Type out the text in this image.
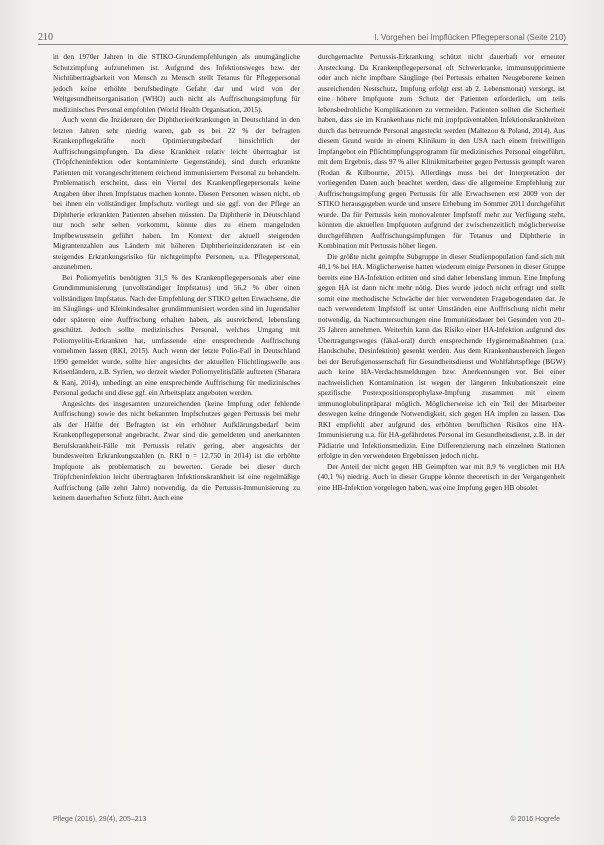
210	I. Vorgehen bei Impflücken Pflegepersonal (Seite 210)

in den 1970er Jahren in die STIKO-Grundempfehlungen als unumgängliche Schutzimpfung aufzunehmen ist. Aufgrund des Infektionsweges bzw. der Nichtübertragbarkeit von Mensch zu Mensch stellt Tetanus für Pflegepersonal jedoch keine erhöhte berufsbedingte Gefahr dar und wird von der Weltgesundheitsorganisation (WHO) auch nicht als Auffrischungsimpfung für medizinisches Personal empfohlen (World Health Organisation, 2015).

Auch wenn die Inzidenzen der Diphtherieerkrankungen in Deutschland in den letzten Jahren sehr niedrig waren, gab es bei 22 % der befragten Krankenpflegekräfte noch Optimierungsbedarf hinsichtlich der Auffrischungsimpfungen. Da diese Krankheit relativ leicht übertragbar ist (Tröpfcheninfektion oder kontaminierte Gegenstände), sind durch erkrankte Patienten mit vorangeschrittenem reichend immunisiertem Personal zu behandeln. Problematisch erscheint, dass ein Viertel des Krankenpflegepersonals keine Angaben über ihren Impfstatus machen konnte. Diesen Personen wissen nicht, ob bei ihnen ein vollständiger Impfschutz vorliegt und sie ggf. von der Pflege an Diphtherie erkrankten Patienten absehen müssten. Da Diphtherie in Deutschland nur noch sehr selten vorkommt, könnte dies zu einem mangelnden Impfbewusstsein geführt haben. Im Kontext der aktuell steigenden Migrantenzahlen aus Ländern mit höheren Diphtherieinzidenzraten ist ein steigendes Erkrankungsrisiko für nichtgeimpfte Personen, u.a. Pflegepersonal, anzunehmen.

Bei Poliomyelitis benötigten 31,5 % des Krankenpflegepersonals aber eine Grundimmunisierung (unvollständiger Impfstatus) und 56,2 % über einen vollständigen Impfstatus. Nach der Empfehlung der STIKO gelten Erwachsene, die im Säuglings- und Kleinkindesalter grundimmunisiert worden sind im Jugendalter oder späteren eine Auffrischung erhalten haben, als ausreichend, lebenslang geschützt. Jedoch sollte medizinisches Personal, welches Umgang mit Poliomyelitis-Erkrankten hat, umfassende eine entsprechende Auffrischung vornehmen lassen (RKI, 2015). Auch wenn der letzte Polio-Fall in Deutschland 1990 gemeldet wurde, sollte hier angesichts der aktuellen Flüchtlingswelle aus Krisenländern, z.B. Syrien, wo derzeit wieder Poliomyelitisfälle auftreten (Sharara & Kanj, 2014), unbedingt an eine entsprechende Auffrischung für medizinisches Personal gedacht und diese ggf. ein Arbeitsplatz angeboten werden.

Angesichts des insgesamten unzureichenden (keine Impfung oder fehlende Auffrischung) sowie des nicht bekannten Impfschutzes gegen Pertussis bei mehr als der Hälfte der Befragten ist ein erhöhter Aufklärungsbedarf beim Krankenpflegepersonal angebracht. Zwar sind die gemeldeten und anerkannten Berufskrankheit-Fälle mit Pertussis relativ gering, aber angesichts der bundesweiten Erkrankungszahlen (n. RKI n = 12.750 in 2014) ist die erhöhte Impfquote als problematisch zu bewerten. Gerade bei dieser durch Tröpfcheninfektion leicht übertragbaren Infektionskrankheit ist eine regelmäßige Auffrischung (alle zehn Jahre) notwendig, da die Pertussis-Immunisierung zu keinem dauerhaften Schutz führt. Auch eine

durchgemachte Pertussis-Erkrankung schützt nicht dauerhaft vor erneuter Ansteckung. Da Krankenpflegepersonal oft Schwerkranke, immunsupprimierte oder auch nicht impfbare Säuglinge (bei Pertussis erhalten Neugeborene keinen ausreichenden Nestschutz, Impfung erfolgt erst ab 2. Lebensmonat) versorgt, ist eine höhere Impfquote zum Schutz der Patienten erforderlich, um teils lebensbedrohliche Komplikationen zu vermeiden. Patienten sollten die Sicherheit haben, dass sie im Krankenhaus nicht mit impfpräventablen Infektionskrankheiten durch das betreuende Personal angesteckt werden (Maltezou & Poland, 2014). Aus diesem Grund wurde in einem Klinikum in den USA nach einem freiwilligen Impfangebot ein Pflichtimpfungsprogramm für medizinisches Personal eingeführt, mit dem Ergebnis, dass 97 % aller Klinikmitarbeiter gegen Pertussis geimpft waren (Rodan & Kilbourne, 2015). Allerdings muss bei der Interpretation der vorliegenden Daten auch beachtet werden, dass die allgemeine Empfehlung zur Auffrischungsimpfung gegen Pertussis für alle Erwachsenen erst 2009 von der STIKO herausgegeben wurde und unsere Erhebung im Sommer 2011 durchgeführt wurde. Da für Pertussis kein monovalenter Impfstoff mehr zur Verfügung steht, könnten die aktuellen Impfquoten aufgrund der zwischenzeitlich möglicherweise durchgeführten Auffrischungsimpfungen für Tetanus und Diphtherie in Kombination mit Pertussis höher liegen.

Die größte nicht geimpfte Subgruppe in dieser Studienpopulation fand sich mit 40,1 % bei HA. Möglicherweise hatten wiederum einige Personen in dieser Gruppe bereits eine HA-Infektion erlitten und sind daher lebenslang immun. Eine Impfung gegen HA ist dann nicht mehr nötig. Dies wurde jedoch nicht erfragt und stellt somit eine methodische Schwäche der hier verwendeten Fragebogendaten dar. Je nach verwendetem Impfstoff ist unter Umständen eine Auffrischung nicht mehr notwendig, da Nachuntersuchungen eine Immunitätsdauer bei Gesunden von 20–25 Jahren annehmen. Weiterhin kann das Risiko einer HA-Infektion aufgrund des Übertragungsweges (fäkal-oral) durch entsprechende Hygienemaßnahmen (u.a. Handschuhe, Desinfektion) gesenkt werden. Aus dem Krankenhausbereich liegen bei der Berufsgenossenschaft für Gesundheitsdienst und Wohlfahrtspflege (BGW) auch keine HA-Verdachtsmeldungen bzw. Anerkennungen vor. Bei einer nachweislichen Kontamination ist wegen der längeren Inkubationszeit eine spezifische Postexpositionsprophylaxe-Impfung zusammen mit einem immunoglobulinpräparat möglich. Möglicherweise ich ein Teil der Mitarbeiter deswegen keine dringende Notwendigkeit, sich gegen HA impfen zu lassen. Das RKI empfiehlt aber aufgrund des erhöhten beruflichen Risikos eine HA-Immunisierung u.a. für HA-gefährdetes Personal im Gesundheitsdienst, z.B. in der Pädiatrie und Infektionsmedizin. Eine Differenzierung nach einzelnen Stationen erfolgte in den verwendeten Ergebnissen jedoch nicht.

Der Anteil der nicht gegen HB Geimpften war mit 8,9 % verglichen mit HA (40,1 %) niedrig. Auch in dieser Gruppe könnte theoretisch in der Vergangenheit eine HB-Infektion vorgelegen haben, was eine Impfung gegen HB obsolet

Pflege (2016), 29(4), 205–213	© 2016 Hogrefe
